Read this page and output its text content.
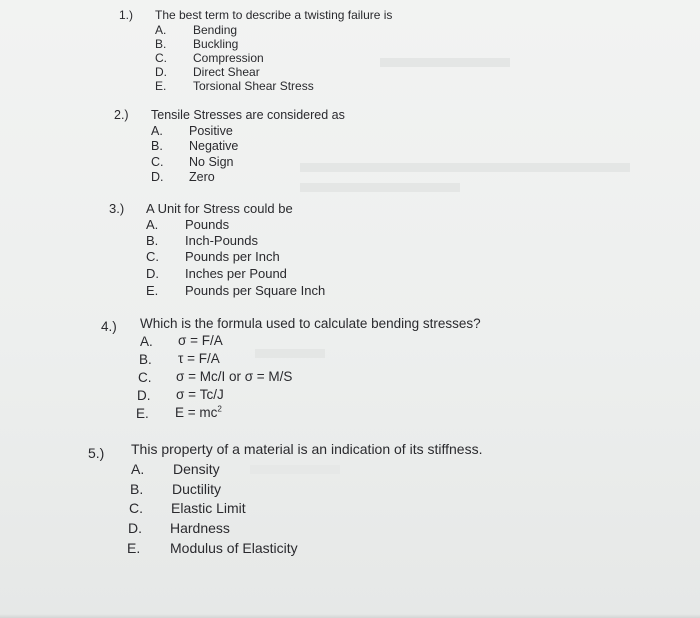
1.) The best term to describe a twisting failure is
A. Bending
B. Buckling
C. Compression
D. Direct Shear
E. Torsional Shear Stress
2.) Tensile Stresses are considered as
A. Positive
B. Negative
C. No Sign
D. Zero
3.) A Unit for Stress could be
A. Pounds
B. Inch-Pounds
C. Pounds per Inch
D. Inches per Pound
E. Pounds per Square Inch
4.) Which is the formula used to calculate bending stresses?
A. σ = F/A
B. τ = F/A
C. σ = Mc/I or σ = M/S
D. σ = Tc/J
E. $E = mc^2$
5.) This property of a material is an indication of its stiffness.
A. Density
B. Ductility
C. Elastic Limit
D. Hardness
E. Modulus of Elasticity
